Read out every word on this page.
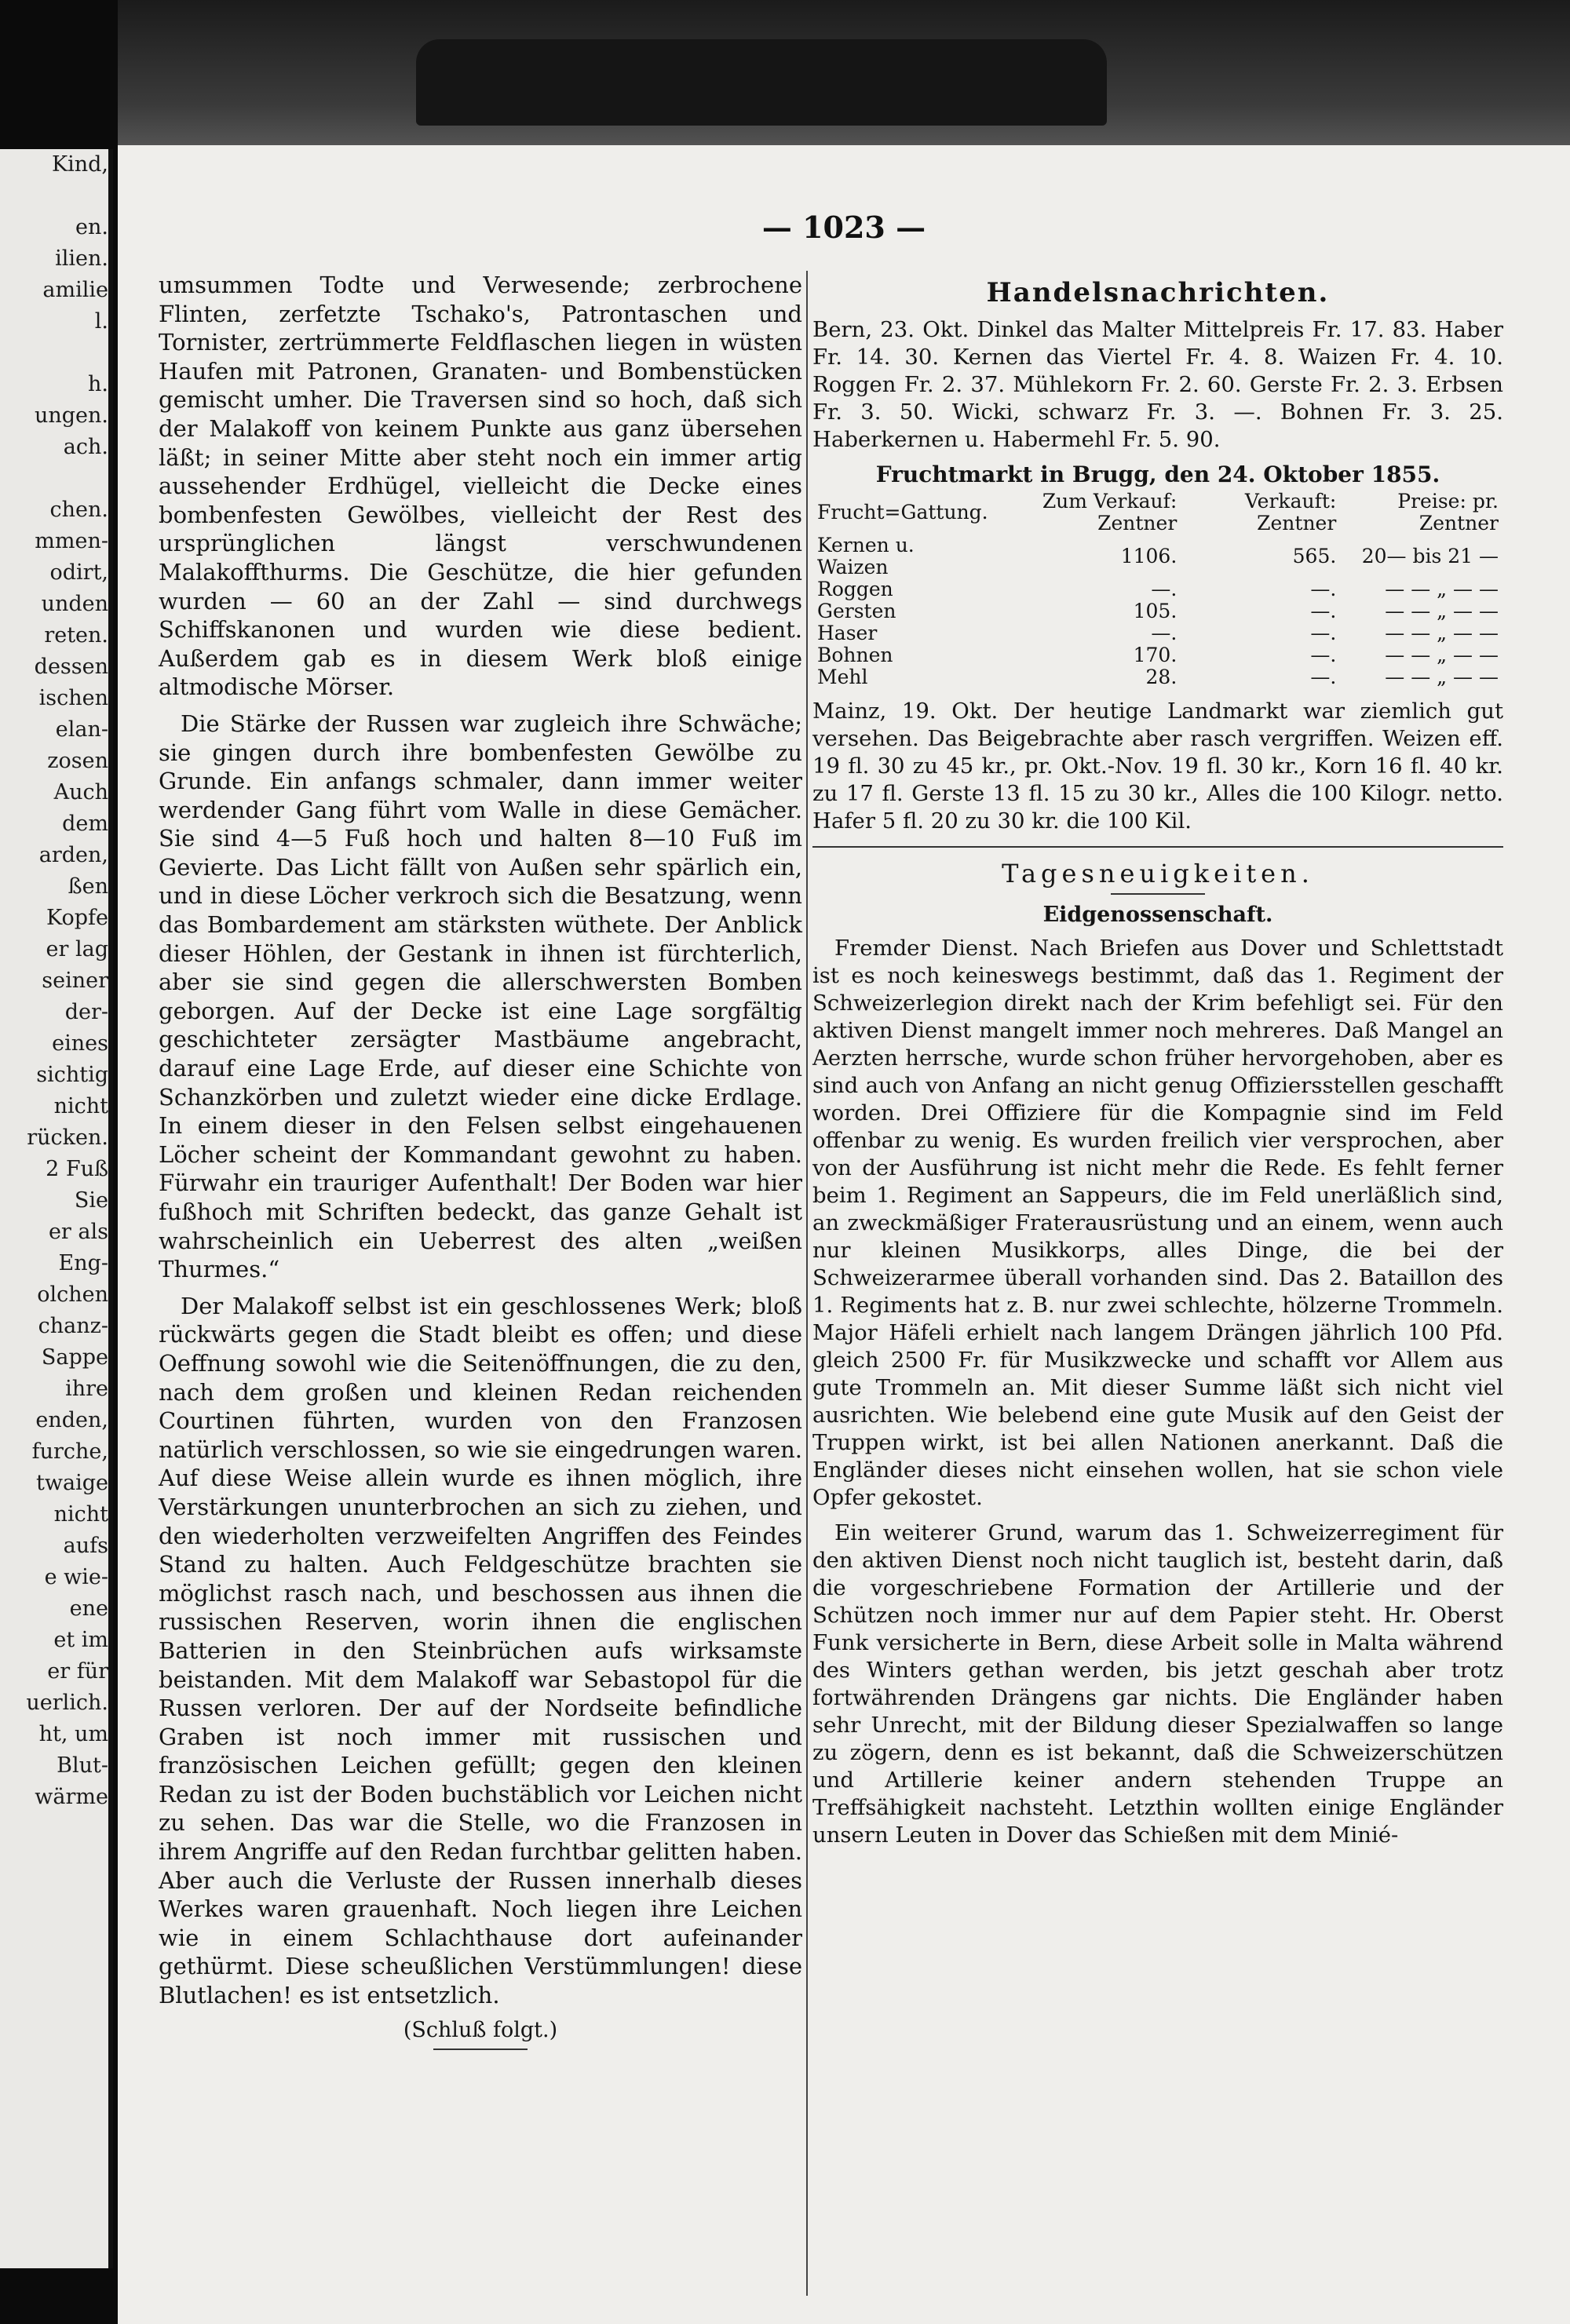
Kind,

en.
ilien.
amilie
l.

h.
ungen.
ach.

chen.
mmen-
odirt,
unden
reten.
dessen
ischen
elan-
zosen
Auch
dem
arden,
ßen
Kopfe
er lag
seiner
der-
eines
sichtig
nicht
rücken.
2 Fuß
Sie
er als
Eng-
olchen
chanz-
Sappe
ihre
enden,
furche,
twaige
nicht
aufs
e wie-
ene
et im
er für
uerlich.
ht, um
Blut-
wärme
— 1023 —

umsummen Todte und Verwesende; zerbrochene Flinten, zerfetzte Tschako's, Patrontaschen und Tornister, zertrümmerte Feldflaschen liegen in wüsten Haufen mit Patronen, Granaten- und Bombenstücken gemischt umher. Die Traversen sind so hoch, daß sich der Malakoff von keinem Punkte aus ganz übersehen läßt; in seiner Mitte aber steht noch ein immer artig aussehender Erdhügel, vielleicht die Decke eines bombenfesten Gewölbes, vielleicht der Rest des ursprünglichen längst verschwundenen Malakoffthurms. Die Geschütze, die hier gefunden wurden — 60 an der Zahl — sind durchwegs Schiffskanonen und wurden wie diese bedient. Außerdem gab es in diesem Werk bloß einige altmodische Mörser.

Die Stärke der Russen war zugleich ihre Schwäche; sie gingen durch ihre bombenfesten Gewölbe zu Grunde. Ein anfangs schmaler, dann immer weiter werdender Gang führt vom Walle in diese Gemächer. Sie sind 4—5 Fuß hoch und halten 8—10 Fuß im Gevierte. Das Licht fällt von Außen sehr spärlich ein, und in diese Löcher verkroch sich die Besatzung, wenn das Bombardement am stärksten wüthete. Der Anblick dieser Höhlen, der Gestank in ihnen ist fürchterlich, aber sie sind gegen die allerschwersten Bomben geborgen. Auf der Decke ist eine Lage sorgfältig geschichteter zersägter Mastbäume angebracht, darauf eine Lage Erde, auf dieser eine Schichte von Schanzkörben und zuletzt wieder eine dicke Erdlage. In einem dieser in den Felsen selbst eingehauenen Löcher scheint der Kommandant gewohnt zu haben. Fürwahr ein trauriger Aufenthalt! Der Boden war hier fußhoch mit Schriften bedeckt, das ganze Gehalt ist wahrscheinlich ein Ueberrest des alten „weißen Thurmes.“

Der Malakoff selbst ist ein geschlossenes Werk; bloß rückwärts gegen die Stadt bleibt es offen; und diese Oeffnung sowohl wie die Seitenöffnungen, die zu den, nach dem großen und kleinen Redan reichenden Courtinen führten, wurden von den Franzosen natürlich verschlossen, so wie sie eingedrungen waren. Auf diese Weise allein wurde es ihnen möglich, ihre Verstärkungen ununterbrochen an sich zu ziehen, und den wiederholten verzweifelten Angriffen des Feindes Stand zu halten. Auch Feldgeschütze brachten sie möglichst rasch nach, und beschossen aus ihnen die russischen Reserven, worin ihnen die englischen Batterien in den Steinbrüchen aufs wirksamste beistanden. Mit dem Malakoff war Sebastopol für die Russen verloren. Der auf der Nordseite befindliche Graben ist noch immer mit russischen und französischen Leichen gefüllt; gegen den kleinen Redan zu ist der Boden buchstäblich vor Leichen nicht zu sehen. Das war die Stelle, wo die Franzosen in ihrem Angriffe auf den Redan furchtbar gelitten haben. Aber auch die Verluste der Russen innerhalb dieses Werkes waren grauenhaft. Noch liegen ihre Leichen wie in einem Schlachthause dort aufeinander gethürmt. Diese scheußlichen Verstümmlungen! diese Blutlachen! es ist entsetzlich.

(Schluß folgt.)
Handelsnachrichten.

Bern, 23. Okt. Dinkel das Malter Mittelpreis Fr. 17. 83. Haber Fr. 14. 30. Kernen das Viertel Fr. 4. 8. Waizen Fr. 4. 10. Roggen Fr. 2. 37. Mühlekorn Fr. 2. 60. Gerste Fr. 2. 3. Erbsen Fr. 3. 50. Wicki, schwarz Fr. 3. —. Bohnen Fr. 3. 25. Haberkernen u. Habermehl Fr. 5. 90.

Fruchtmarkt in Brugg, den 24. Oktober 1855.
Frucht=Gattung.	Zum Verkauf: Zentner	Verkauft: Zentner	Preise: pr. Zentner
Kernen u. Waizen	1106.	565.	20— bis 21 —
Roggen	—.	—.	— — „ — —
Gersten	105.	—.	— — „ — —
Haser	—.	—.	— — „ — —
Bohnen	170.	—.	— — „ — —
Mehl	28.	—.	— — „ — —

Mainz, 19. Okt. Der heutige Landmarkt war ziemlich gut versehen. Das Beigebrachte aber rasch vergriffen. Weizen eff. 19 fl. 30 zu 45 kr., pr. Okt.-Nov. 19 fl. 30 kr., Korn 16 fl. 40 kr. zu 17 fl. Gerste 13 fl. 15 zu 30 kr., Alles die 100 Kilogr. netto. Hafer 5 fl. 20 zu 30 kr. die 100 Kil.

Tagesneuigkeiten.
Eidgenossenschaft.

Fremder Dienst. Nach Briefen aus Dover und Schlettstadt ist es noch keineswegs bestimmt, daß das 1. Regiment der Schweizerlegion direkt nach der Krim befehligt sei. Für den aktiven Dienst mangelt immer noch mehreres. Daß Mangel an Aerzten herrsche, wurde schon früher hervorgehoben, aber es sind auch von Anfang an nicht genug Offiziersstellen geschafft worden. Drei Offiziere für die Kompagnie sind im Feld offenbar zu wenig. Es wurden freilich vier versprochen, aber von der Ausführung ist nicht mehr die Rede. Es fehlt ferner beim 1. Regiment an Sappeurs, die im Feld unerläßlich sind, an zweckmäßiger Fraterausrüstung und an einem, wenn auch nur kleinen Musikkorps, alles Dinge, die bei der Schweizerarmee überall vorhanden sind. Das 2. Bataillon des 1. Regiments hat z. B. nur zwei schlechte, hölzerne Trommeln. Major Häfeli erhielt nach langem Drängen jährlich 100 Pfd. gleich 2500 Fr. für Musikzwecke und schafft vor Allem aus gute Trommeln an. Mit dieser Summe läßt sich nicht viel ausrichten. Wie belebend eine gute Musik auf den Geist der Truppen wirkt, ist bei allen Nationen anerkannt. Daß die Engländer dieses nicht einsehen wollen, hat sie schon viele Opfer gekostet.

Ein weiterer Grund, warum das 1. Schweizerregiment für den aktiven Dienst noch nicht tauglich ist, besteht darin, daß die vorgeschriebene Formation der Artillerie und der Schützen noch immer nur auf dem Papier steht. Hr. Oberst Funk versicherte in Bern, diese Arbeit solle in Malta während des Winters gethan werden, bis jetzt geschah aber trotz fortwährenden Drängens gar nichts. Die Engländer haben sehr Unrecht, mit der Bildung dieser Spezialwaffen so lange zu zögern, denn es ist bekannt, daß die Schweizerschützen und Artillerie keiner andern stehenden Truppe an Treffsähigkeit nachsteht. Letzthin wollten einige Engländer unsern Leuten in Dover das Schießen mit dem Minié-
